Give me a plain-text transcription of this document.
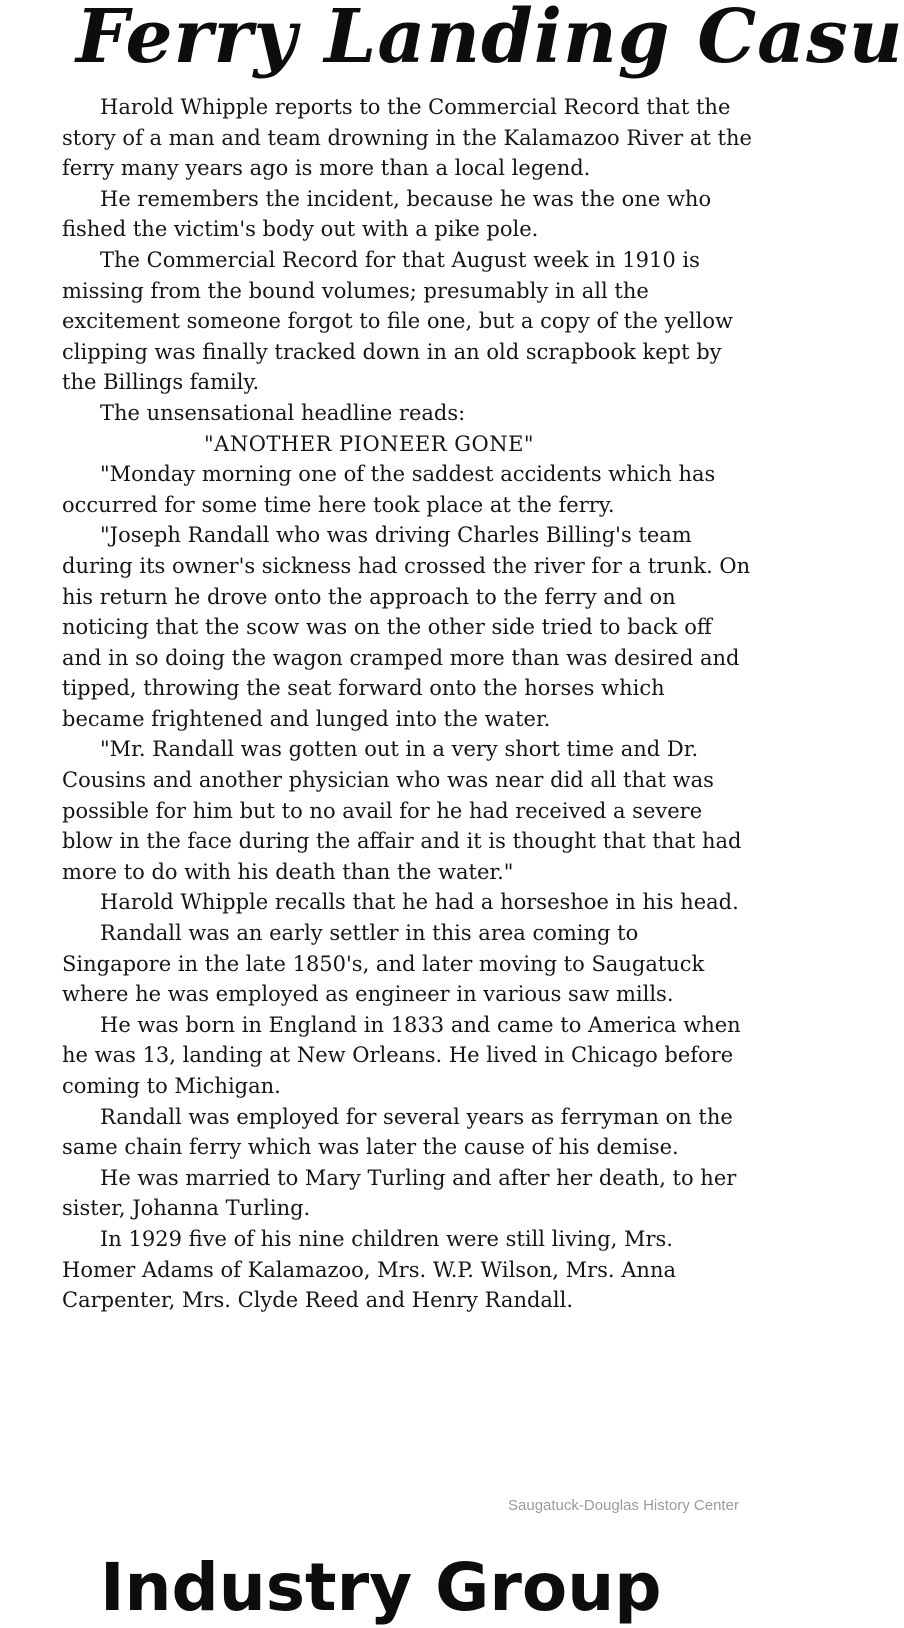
Ferry Landing Casu

Harold Whipple reports to the Commercial Record that the story of a man and team drowning in the Kalamazoo River at the ferry many years ago is more than a local legend.

He remembers the incident, because he was the one who fished the victim's body out with a pike pole.

The Commercial Record for that August week in 1910 is missing from the bound volumes; presumably in all the excitement someone forgot to file one, but a copy of the yellow clipping was finally tracked down in an old scrapbook kept by the Billings family.

The unsensational headline reads:

"ANOTHER PIONEER GONE"

"Monday morning one of the saddest accidents which has occurred for some time here took place at the ferry.

"Joseph Randall who was driving Charles Billing's team during its owner's sickness had crossed the river for a trunk. On his return he drove onto the approach to the ferry and on noticing that the scow was on the other side tried to back off and in so doing the wagon cramped more than was desired and tipped, throwing the seat forward onto the horses which became frightened and lunged into the water.

"Mr. Randall was gotten out in a very short time and Dr. Cousins and another physician who was near did all that was possible for him but to no avail for he had received a severe blow in the face during the affair and it is thought that that had more to do with his death than the water."

Harold Whipple recalls that he had a horseshoe in his head.

Randall was an early settler in this area coming to Singapore in the late 1850's, and later moving to Saugatuck where he was employed as engineer in various saw mills.

He was born in England in 1833 and came to America when he was 13, landing at New Orleans. He lived in Chicago before coming to Michigan.

Randall was employed for several years as ferryman on the same chain ferry which was later the cause of his demise.

He was married to Mary Turling and after her death, to her sister, Johanna Turling.

In 1929 five of his nine children were still living, Mrs. Homer Adams of Kalamazoo, Mrs. W.P. Wilson, Mrs. Anna Carpenter, Mrs. Clyde Reed and Henry Randall.

Saugatuck-Douglas History Center
Industry Group
